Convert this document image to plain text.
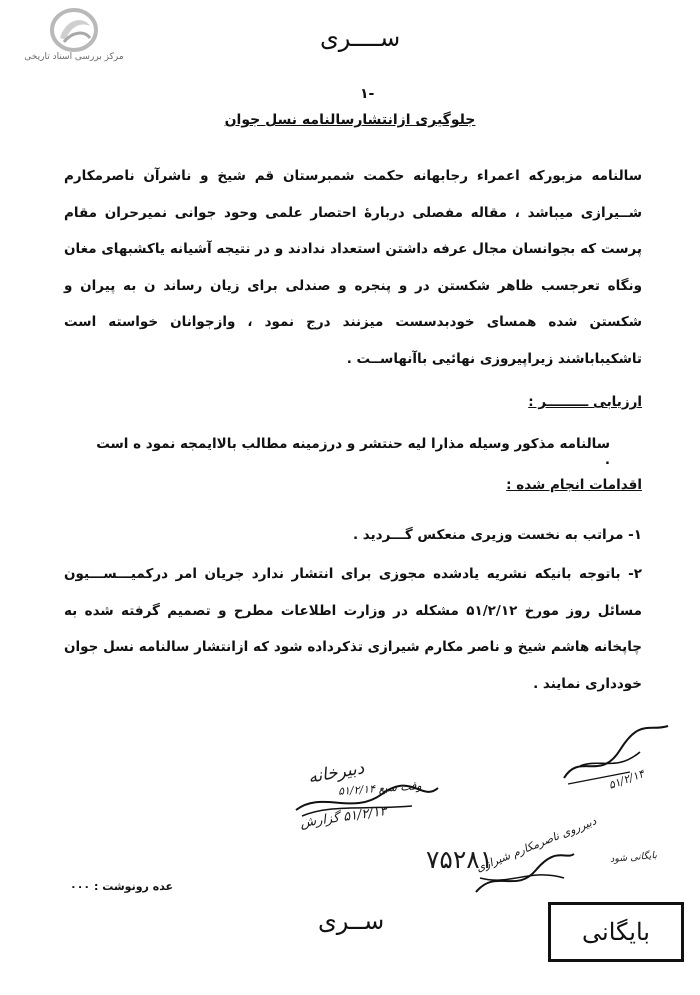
مرکز بررسی اسناد تاریخی
ســــری
۱-
جلوگیری ازانتشارسالنامه نسل جوان
سالنامه مزبورکه اعمراء رجابهانه حکمت شمبرستان قم شیخ و ناشرآن ناصرمکارم شــیرازی میباشد ، مقاله مفصلی دربارهٔ احتصار علمی وحود جوانی نمیرحران مقام پرست که بجوانسان مجال عرفه داشتن استعداد ندادند و در نتیجه آشیانه یاکشبهای مغان ونگاه تعرجسب ظاهر شکستن در و پنجره و صندلی برای زیان رساند ن به پیران و شکستن شده همسای خودبدسست میزنند درج نمود ، وازجوانان خواسته است تاشکیباباشند زیراپیروزی نهائیی باآنهاســت .
ارزیابی ـــــــــر :
سالنامه مذکور وسیله مذارا لیه حنتشر و درزمینه مطالب بالاایمجه نمود ه است .
اقدامات انجام شده :
۱- مراتب به نخست وزیری منعکس گـــردید .
۲- باتوجه بانیکه نشریه یادشده مجوزی برای انتشار ندارد جریان امر درکمیـــســـیون مسائل روز مورخ ۵۱/۲/۱۲ مشکله در وزارت اطلاعات مطرح و تصمیم گرفته شده به چاپخانه هاشم شیخ و ناصر مکارم شیرازی تذکرداده شود که ازانتشار سالنامه نسل جوان خودداری نمایند .
دبیرخانه
وقت سیع ۵۱/۲/۱۴
۵۱/۲/۱۳ گزارش
۵۱/۲/۱۴
دبیرروی ناصرمکارم شیرازی
۷۵۲۸۱	بایگانی شود
عده رونوشت : ۰۰۰
ســری	بایگانی
